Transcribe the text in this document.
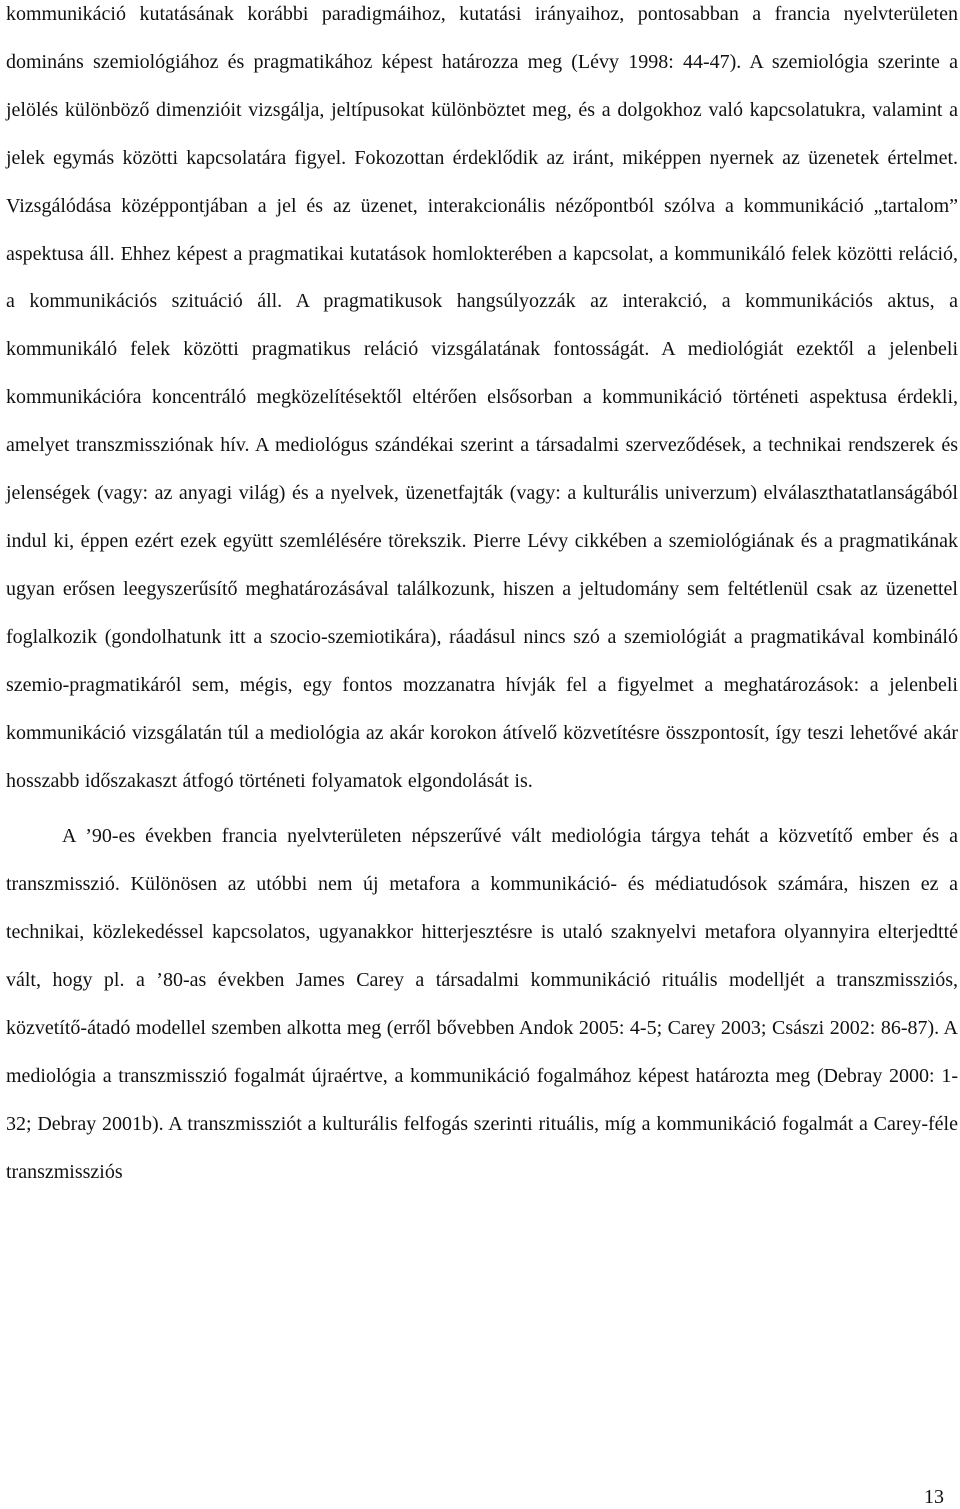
kommunikáció kutatásának korábbi paradigmáihoz, kutatási irányaihoz, pontosabban a francia nyelvterületen domináns szemiológiához és pragmatikához képest határozza meg (Lévy 1998: 44-47). A szemiológia szerinte a jelölés különböző dimenzióit vizsgálja, jeltípusokat különböztet meg, és a dolgokhoz való kapcsolatukra, valamint a jelek egymás közötti kapcsolatára figyel. Fokozottan érdeklődik az iránt, miképpen nyernek az üzenetek értelmet. Vizsgálódása középpontjában a jel és az üzenet, interakcionális nézőpontból szólva a kommunikáció „tartalom” aspektusa áll. Ehhez képest a pragmatikai kutatások homlokterében a kapcsolat, a kommunikáló felek közötti reláció, a kommunikációs szituáció áll. A pragmatikusok hangsúlyozzák az interakció, a kommunikációs aktus, a kommunikáló felek közötti pragmatikus reláció vizsgálatának fontosságát. A mediológiát ezektől a jelenbeli kommunikációra koncentráló megközelítésektől eltérően elsősorban a kommunikáció történeti aspektusa érdekli, amelyet transzmissziónak hív. A mediológus szándékai szerint a társadalmi szerveződések, a technikai rendszerek és jelenségek (vagy: az anyagi világ) és a nyelvek, üzenetfajták (vagy: a kulturális univerzum) elválaszthatatlanságából indul ki, éppen ezért ezek együtt szemlélésére törekszik. Pierre Lévy cikkében a szemiológiának és a pragmatikának ugyan erősen leegyszerűsítő meghatározásával találkozunk, hiszen a jeltudomány sem feltétlenül csak az üzenettel foglalkozik (gondolhatunk itt a szocio-szemiotikára), ráadásul nincs szó a szemiológiát a pragmatikával kombináló szemio-pragmatikáról sem, mégis, egy fontos mozzanatra hívják fel a figyelmet a meghatározások: a jelenbeli kommunikáció vizsgálatán túl a mediológia az akár korokon átívelő közvetítésre összpontosít, így teszi lehetővé akár hosszabb időszakaszt átfogó történeti folyamatok elgondolását is.

A ’90-es években francia nyelvterületen népszerűvé vált mediológia tárgya tehát a közvetítő ember és a transzmisszió. Különösen az utóbbi nem új metafora a kommunikáció- és médiatudósok számára, hiszen ez a technikai, közlekedéssel kapcsolatos, ugyanakkor hitterjesztésre is utaló szaknyelvi metafora olyannyira elterjedtté vált, hogy pl. a ’80-as években James Carey a társadalmi kommunikáció rituális modelljét a transzmissziós, közvetítő-átadó modellel szemben alkotta meg (erről bővebben Andok 2005: 4-5; Carey 2003; Császi 2002: 86-87). A mediológia a transzmisszió fogalmát újraértve, a kommunikáció fogalmához képest határozta meg (Debray 2000: 1-32; Debray 2001b). A transzmissziót a kulturális felfogás szerinti rituális, míg a kommunikáció fogalmát a Carey-féle transzmissziós

13
